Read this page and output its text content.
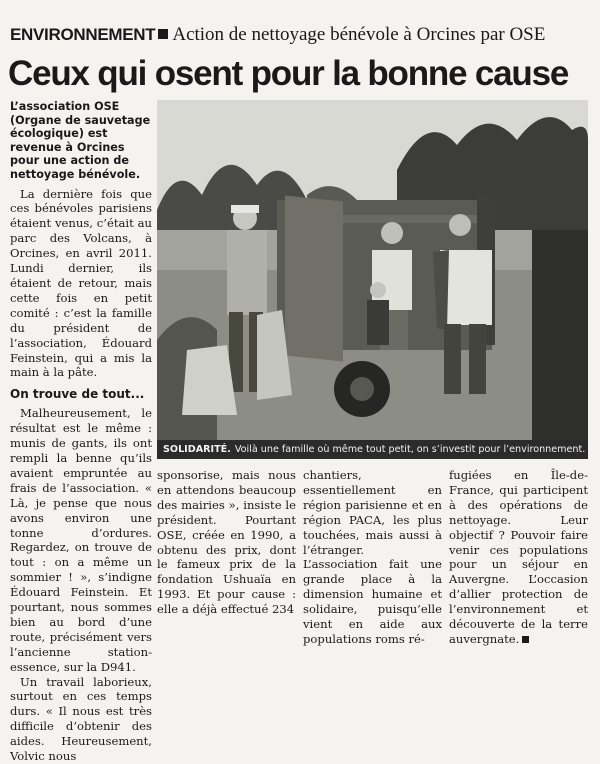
ENVIRONNEMENT Action de nettoyage bénévole à Orcines par OSE
Ceux qui osent pour la bonne cause

L’association OSE (Organe de sauvetage écologique) est revenue à Orcines pour une action de nettoyage bénévole.

La dernière fois que ces bénévoles parisiens étaient venus, c’était au parc des Volcans, à Orcines, en avril 2011. Lundi dernier, ils étaient de retour, mais cette fois en petit comité : c’est la famille du président de l’association, Édouard Feinstein, qui a mis la main à la pâte.

On trouve de tout...

Malheureusement, le résultat est le même : munis de gants, ils ont rempli la benne qu’ils avaient empruntée au frais de l’association. « Là, je pense que nous avons environ une tonne d’ordures. Regardez, on trouve de tout : on a même un sommier ! », s’indigne Édouard Feinstein. Et pourtant, nous sommes bien au bord d’une route, précisément vers l’ancienne station-essence, sur la D941.

Un travail laborieux, surtout en ces temps durs. « Il nous est très difficile d’obtenir des aides. Heureusement, Volvic nous

SOLIDARITÉ. Voilà une famille où même tout petit, on s’investit pour l’environnement.

sponsorise, mais nous en attendons beaucoup des mairies », insiste le président. Pourtant OSE, créée en 1990, a obtenu des prix, dont le fameux prix de la fondation Ushuaïa en 1993. Et pour cause : elle a déjà effectué 234

chantiers, essentiellement en région parisienne et en région PACA, les plus touchées, mais aussi à l’étranger. L’association fait une grande place à la dimension humaine et solidaire, puisqu’elle vient en aide aux populations roms ré-

fugiées en Île-de-France, qui participent à des opérations de nettoyage. Leur objectif ? Pouvoir faire venir ces populations pour un séjour en Auvergne. L’occasion d’allier protection de l’environnement et découverte de la terre auvergnate.
